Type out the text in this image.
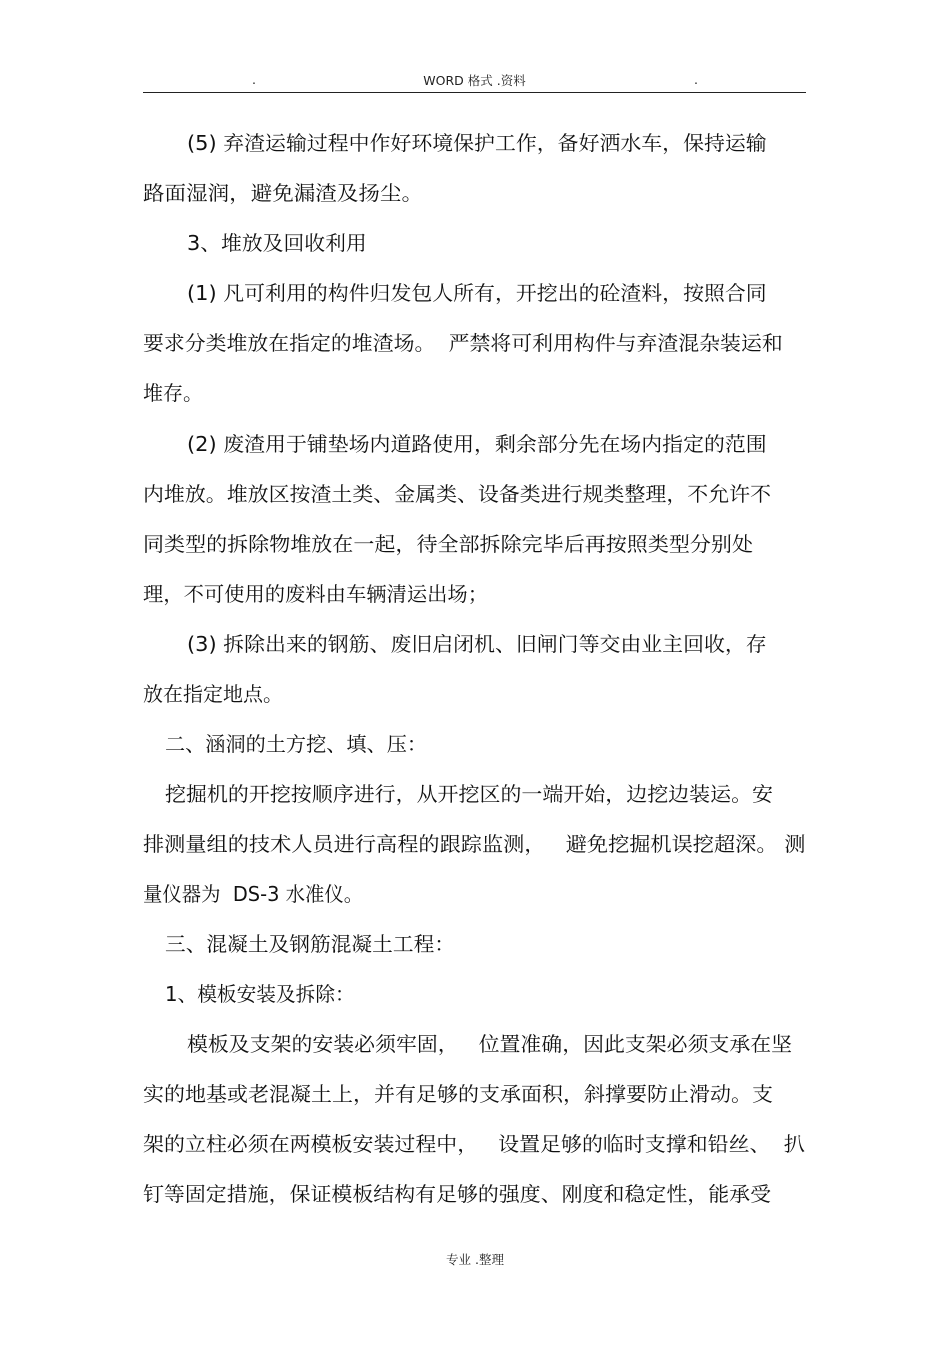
.	WORD 格式 .资料	.
(5) 弃渣运输过程中作好环境保护工作，备好洒水车，保持运输
路面湿润，避免漏渣及扬尘。
3、堆放及回收利用
(1) 凡可利用的构件归发包人所有，开挖出的砼渣料，按照合同
要求分类堆放在指定的堆渣场。  严禁将可利用构件与弃渣混杂装运和
堆存。
(2) 废渣用于铺垫场内道路使用，剩余部分先在场内指定的范围
内堆放。堆放区按渣土类、金属类、设备类进行规类整理，不允许不
同类型的拆除物堆放在一起，待全部拆除完毕后再按照类型分别处
理，不可使用的废料由车辆清运出场；
(3) 拆除出来的钢筋、废旧启闭机、旧闸门等交由业主回收，存
放在指定地点。
二、涵洞的土方挖、填、压：
挖掘机的开挖按顺序进行，从开挖区的一端开始，边挖边装运。安
排测量组的技术人员进行高程的跟踪监测，   避免挖掘机误挖超深。 测
量仪器为  DS-3 水准仪。
三、混凝土及钢筋混凝土工程：
1、模板安装及拆除：
模板及支架的安装必须牢固，   位置准确，因此支架必须支承在坚
实的地基或老混凝土上，并有足够的支承面积，斜撑要防止滑动。支
架的立柱必须在两模板安装过程中，   设置足够的临时支撑和铅丝、  扒
钉等固定措施，保证模板结构有足够的强度、刚度和稳定性，能承受
专业 .整理
